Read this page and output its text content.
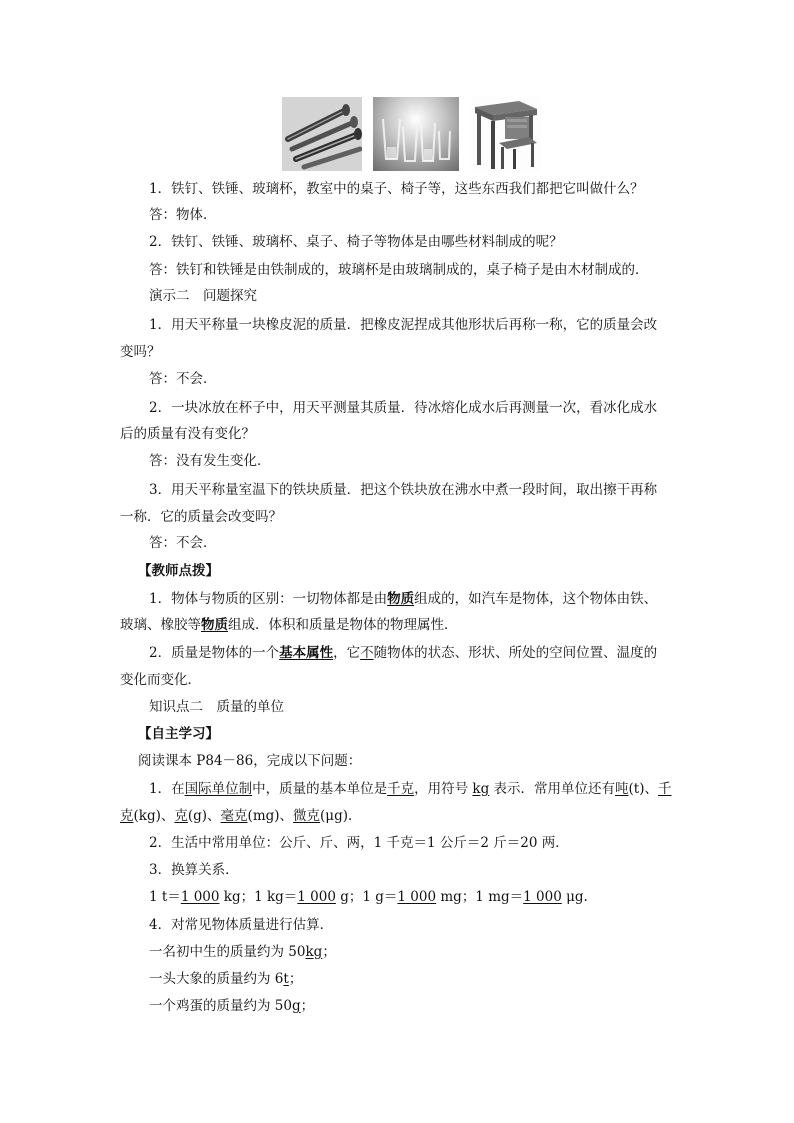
1．铁钉、铁锤、玻璃杯，教室中的桌子、椅子等，这些东西我们都把它叫做什么？
答：物体．
2．铁钉、铁锤、玻璃杯、桌子、椅子等物体是由哪些材料制成的呢？
答：铁钉和铁锤是由铁制成的，玻璃杯是由玻璃制成的，桌子椅子是由木材制成的．
演示二　问题探究
1．用天平称量一块橡皮泥的质量．把橡皮泥捏成其他形状后再称一称，它的质量会改
变吗？
答：不会．
2．一块冰放在杯子中，用天平测量其质量．待冰熔化成水后再测量一次，看冰化成水
后的质量有没有变化？
答：没有发生变化．
3．用天平称量室温下的铁块质量．把这个铁块放在沸水中煮一段时间，取出擦干再称
一称．它的质量会改变吗？
答：不会．
【教师点拨】
1．物体与物质的区别：一切物体都是由物质组成的，如汽车是物体，这个物体由铁、
玻璃、橡胶等物质组成．体积和质量是物体的物理属性．
2．质量是物体的一个基本属性，它不随物体的状态、形状、所处的空间位置、温度的
变化而变化．
知识点二　质量的单位
【自主学习】
阅读课本 P84－86，完成以下问题：
1．在国际单位制中，质量的基本单位是千克，用符号 kg 表示．常用单位还有吨(t)、千
克(kg)、克(g)、毫克(mg)、微克(μg)．
2．生活中常用单位：公斤、斤、两，1 千克＝1 公斤＝2 斤＝20 两．
3．换算关系．
1 t＝1 000 kg；1 kg＝1 000 g；1 g＝1 000 mg；1 mg＝1 000 μg.
4．对常见物体质量进行估算．
一名初中生的质量约为 50kg；
一头大象的质量约为 6t；
一个鸡蛋的质量约为 50g；
